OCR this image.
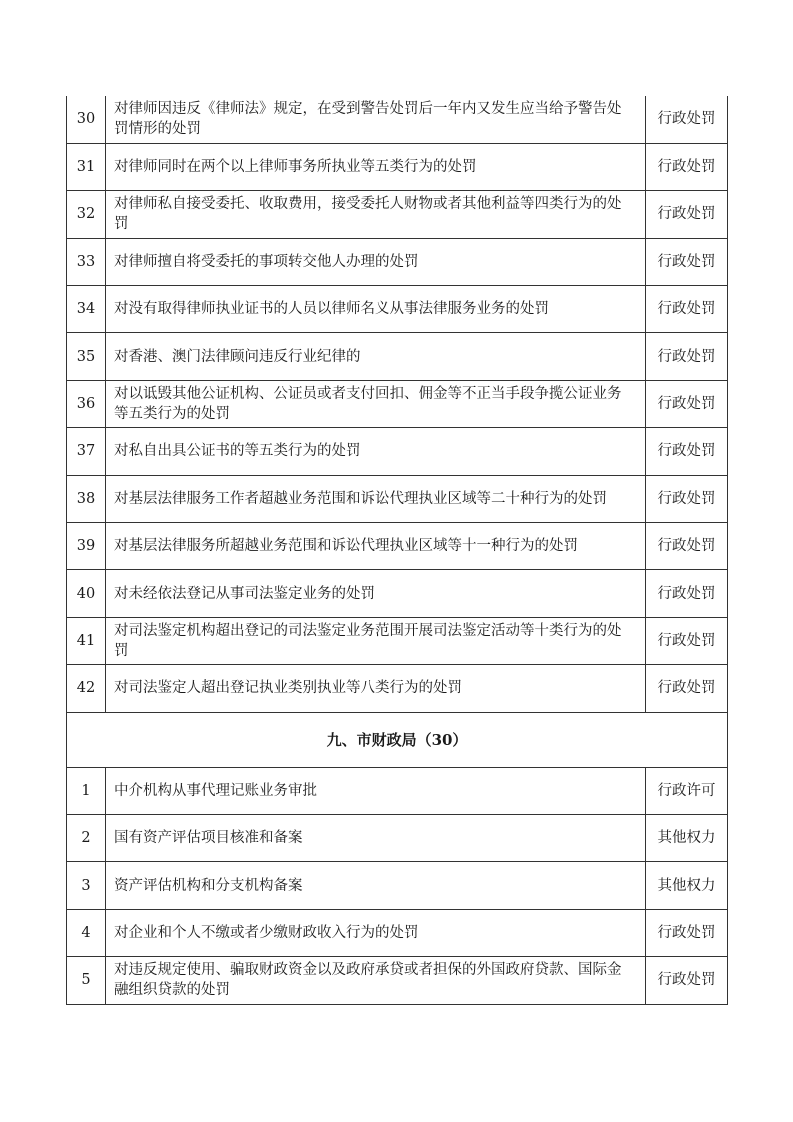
30	对律师因违反《律师法》规定，在受到警告处罚后一年内又发生应当给予警告处罚情形的处罚	行政处罚
31	对律师同时在两个以上律师事务所执业等五类行为的处罚	行政处罚
32	对律师私自接受委托、收取费用，接受委托人财物或者其他利益等四类行为的处罚	行政处罚
33	对律师擅自将受委托的事项转交他人办理的处罚	行政处罚
34	对没有取得律师执业证书的人员以律师名义从事法律服务业务的处罚	行政处罚
35	对香港、澳门法律顾问违反行业纪律的	行政处罚
36	对以诋毁其他公证机构、公证员或者支付回扣、佣金等不正当手段争揽公证业务等五类行为的处罚	行政处罚
37	对私自出具公证书的等五类行为的处罚	行政处罚
38	对基层法律服务工作者超越业务范围和诉讼代理执业区域等二十种行为的处罚	行政处罚
39	对基层法律服务所超越业务范围和诉讼代理执业区域等十一种行为的处罚	行政处罚
40	对未经依法登记从事司法鉴定业务的处罚	行政处罚
41	对司法鉴定机构超出登记的司法鉴定业务范围开展司法鉴定活动等十类行为的处罚	行政处罚
42	对司法鉴定人超出登记执业类别执业等八类行为的处罚	行政处罚
九、市财政局（30）		
1	中介机构从事代理记账业务审批	行政许可
2	国有资产评估项目核准和备案	其他权力
3	资产评估机构和分支机构备案	其他权力
4	对企业和个人不缴或者少缴财政收入行为的处罚	行政处罚
5	对违反规定使用、骗取财政资金以及政府承贷或者担保的外国政府贷款、国际金融组织贷款的处罚	行政处罚
